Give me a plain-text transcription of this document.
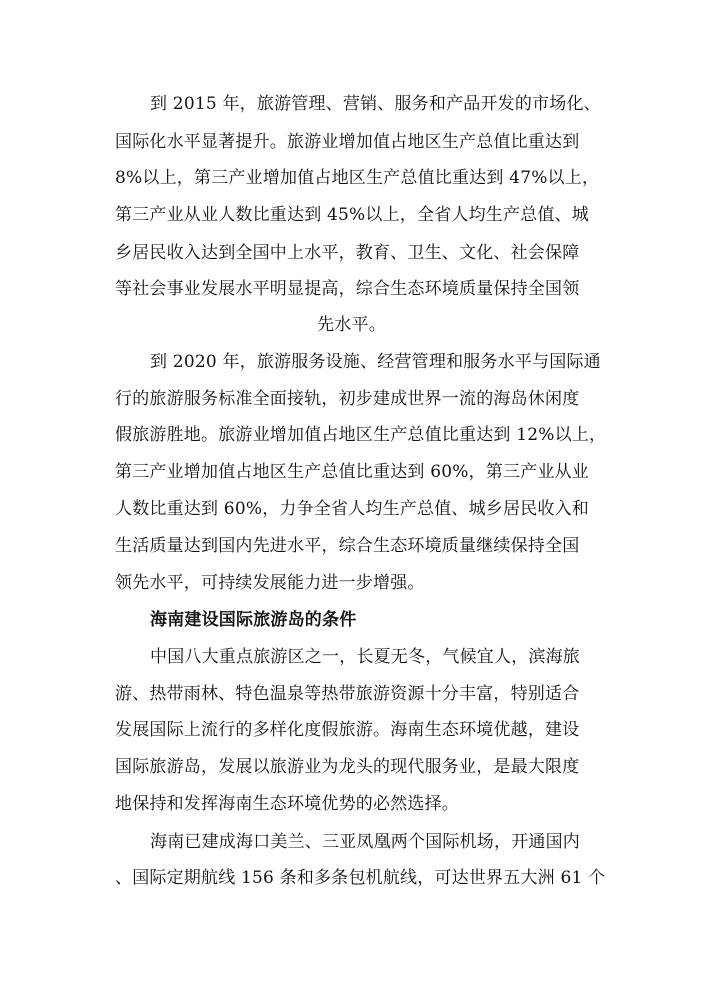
到 2015 年，旅游管理、营销、服务和产品开发的市场化、
国际化水平显著提升。旅游业增加值占地区生产总值比重达到
8%以上，第三产业增加值占地区生产总值比重达到 47%以上，
第三产业从业人数比重达到 45%以上，全省人均生产总值、城
乡居民收入达到全国中上水平，教育、卫生、文化、社会保障
等社会事业发展水平明显提高，综合生态环境质量保持全国领
先水平。
到 2020 年，旅游服务设施、经营管理和服务水平与国际通
行的旅游服务标准全面接轨，初步建成世界一流的海岛休闲度
假旅游胜地。旅游业增加值占地区生产总值比重达到 12%以上，
第三产业增加值占地区生产总值比重达到 60%，第三产业从业
人数比重达到 60%，力争全省人均生产总值、城乡居民收入和
生活质量达到国内先进水平，综合生态环境质量继续保持全国
领先水平，可持续发展能力进一步增强。
海南建设国际旅游岛的条件
中国八大重点旅游区之一，长夏无冬，气候宜人，滨海旅
游、热带雨林、特色温泉等热带旅游资源十分丰富，特别适合
发展国际上流行的多样化度假旅游。海南生态环境优越，建设
国际旅游岛，发展以旅游业为龙头的现代服务业，是最大限度
地保持和发挥海南生态环境优势的必然选择。
海南已建成海口美兰、三亚凤凰两个国际机场，开通国内
、国际定期航线 156 条和多条包机航线，可达世界五大洲 61 个
